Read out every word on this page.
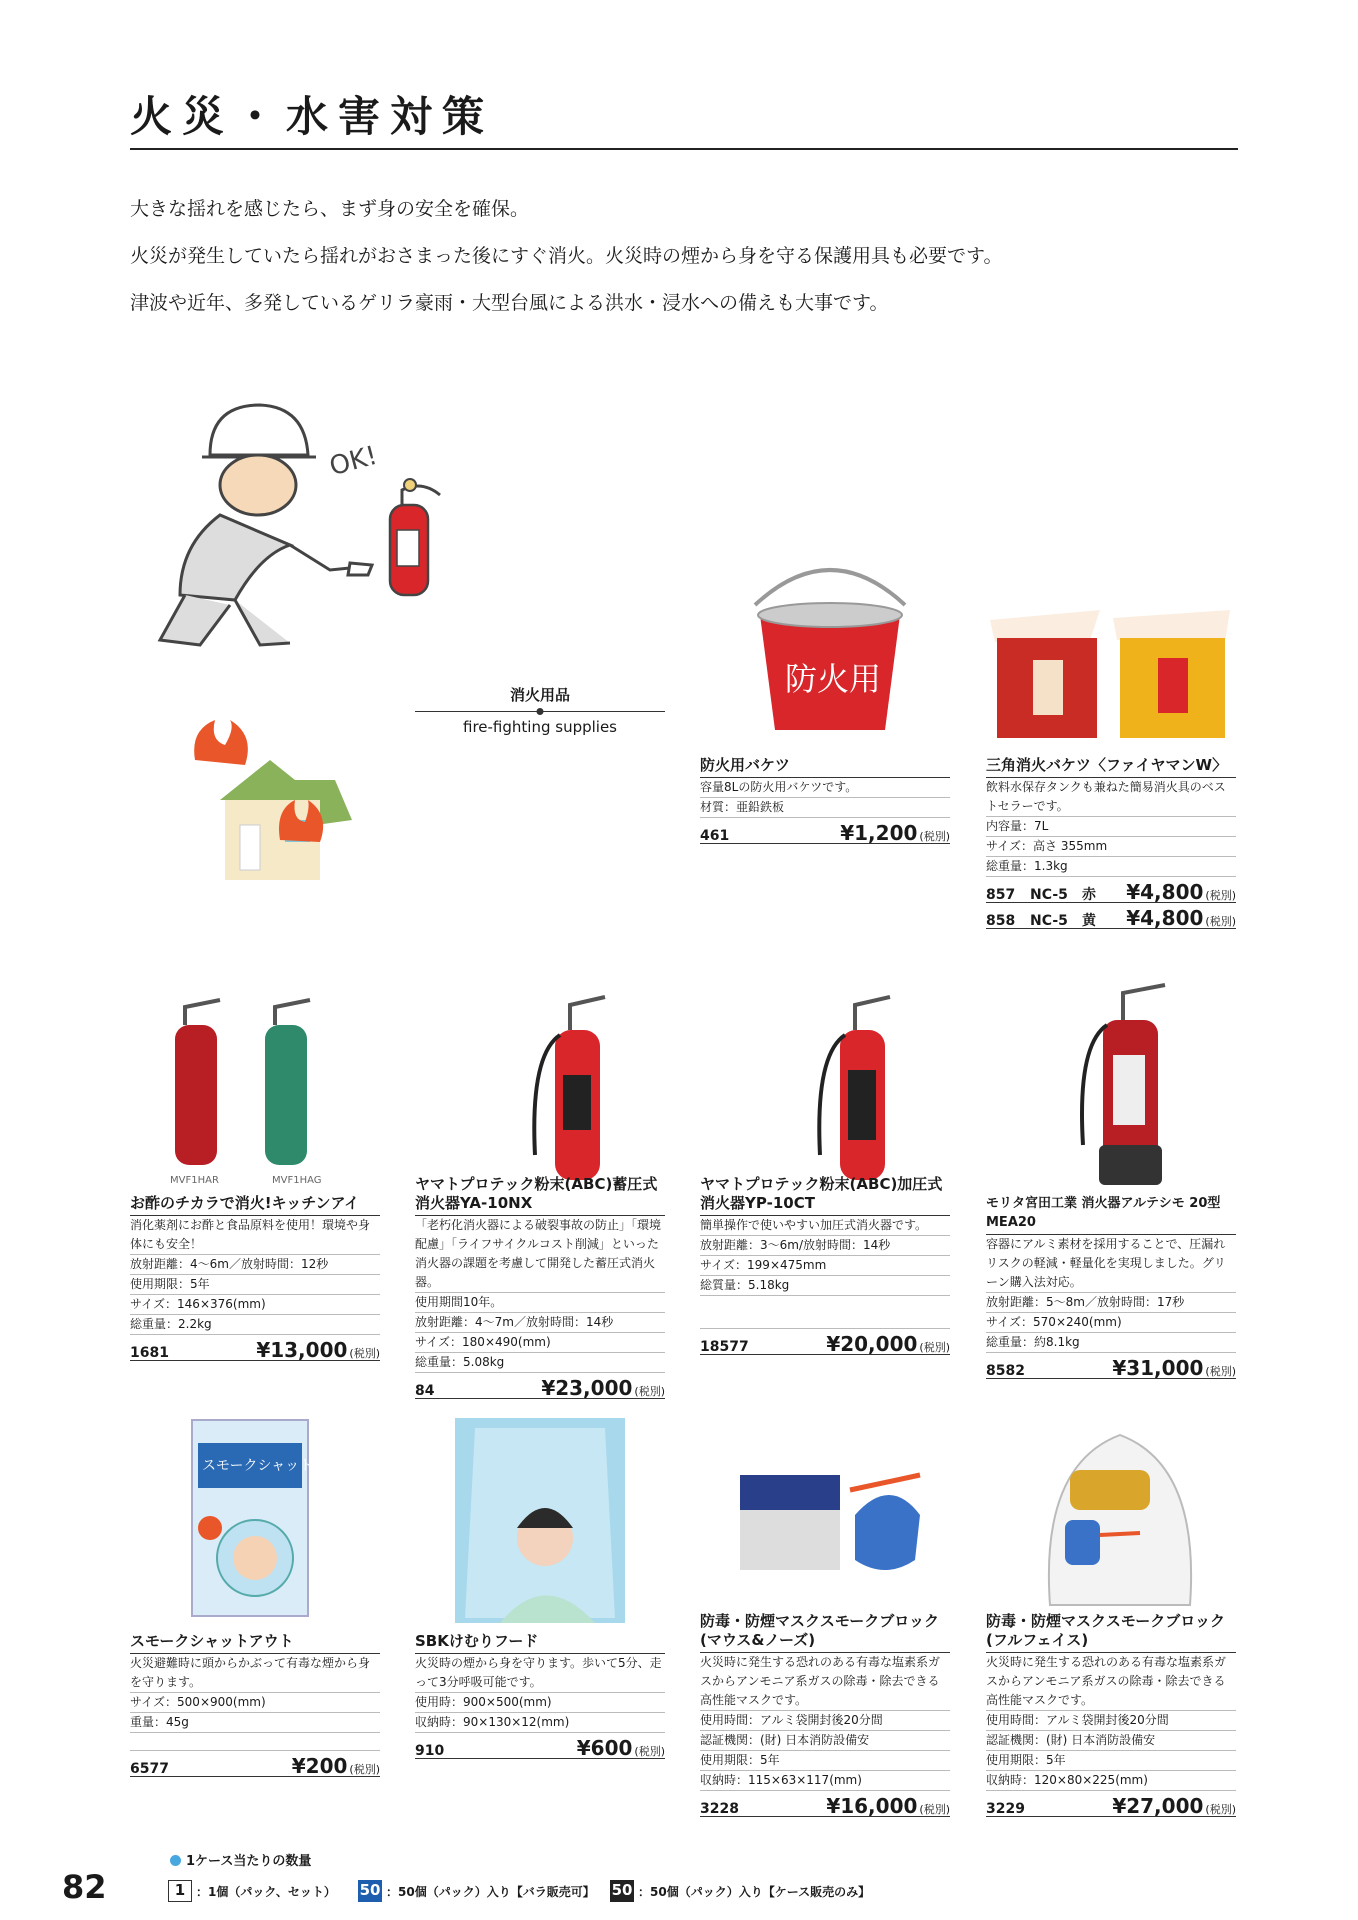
火災・水害対策
大きな揺れを感じたら、まず身の安全を確保。
火災が発生していたら揺れがおさまった後にすぐ消火。火災時の煙から身を守る保護用具も必要です。
津波や近年、多発しているゲリラ豪雨・大型台風による洪水・浸水への備えも大事です。
OK!
消火用品
fire-fighting supplies
防火用
防火用バケツ
容量8Lの防火用バケツです。
材質：亜鉛鉄板
461	¥1,200 (税別)
三角消火バケツ〈ファイヤマンW〉
飲料水保存タンクも兼ねた簡易消火具のベストセラーです。
内容量：7L
サイズ：高さ 355mm
総重量：1.3kg
857	NC-5	赤	¥4,800 (税別)
858	NC-5	黄	¥4,800 (税別)
MVF1HAR	MVF1HAG
お酢のチカラで消火!キッチンアイ
消化薬剤にお酢と食品原料を使用！環境や身体にも安全！
放射距離：4～6m／放射時間：12秒
使用期限：5年
サイズ：146×376(mm)
総重量：2.2kg
1681	¥13,000 (税別)
ヤマトプロテック粉末(ABC)蓄圧式消火器YA-10NX
「老朽化消火器による破裂事故の防止」「環境配慮」「ライフサイクルコスト削減」といった消火器の課題を考慮して開発した蓄圧式消火器。
使用期間10年。
放射距離：4～7m／放射時間：14秒
サイズ：180×490(mm)
総重量：5.08kg
84	¥23,000 (税別)
ヤマトプロテック粉末(ABC)加圧式消火器YP-10CT
簡単操作で使いやすい加圧式消火器です。
放射距離：3～6m/放射時間：14秒
サイズ：199×475mm
総質量：5.18kg
18577	¥20,000 (税別)
モリタ宮田工業 消火器アルテシモ 20型 MEA20
容器にアルミ素材を採用することで、圧漏れリスクの軽減・軽量化を実現しました。グリーン購入法対応。
放射距離：5～8m／放射時間：17秒
サイズ：570×240(mm)
総重量：約8.1kg
8582	¥31,000 (税別)
スモークシャットアウト
スモークシャットアウト
火災避難時に頭からかぶって有毒な煙から身を守ります。
サイズ：500×900(mm)
重量：45g
6577	¥200 (税別)
SBKけむりフード
火災時の煙から身を守ります。歩いて5分、走って3分呼吸可能です。
使用時：900×500(mm)
収納時：90×130×12(mm)
910	¥600 (税別)
防毒・防煙マスクスモークブロック(マウス&ノーズ)
火災時に発生する恐れのある有毒な塩素系ガスからアンモニア系ガスの除毒・除去できる高性能マスクです。
使用時間：アルミ袋開封後20分間
認証機関：(財) 日本消防設備安
使用期限：5年
収納時：115×63×117(mm)
3228	¥16,000 (税別)
防毒・防煙マスクスモークブロック(フルフェイス)
火災時に発生する恐れのある有毒な塩素系ガスからアンモニア系ガスの除毒・除去できる高性能マスクです。
使用時間：アルミ袋開封後20分間
認証機関：(財) 日本消防設備安
使用期限：5年
収納時：120×80×225(mm)
3229	¥27,000 (税別)
82
1ケース当たりの数量
1 ：1個（パック、セット） 50 ：50個（パック）入り【バラ販売可】 50 ：50個（パック）入り【ケース販売のみ】
